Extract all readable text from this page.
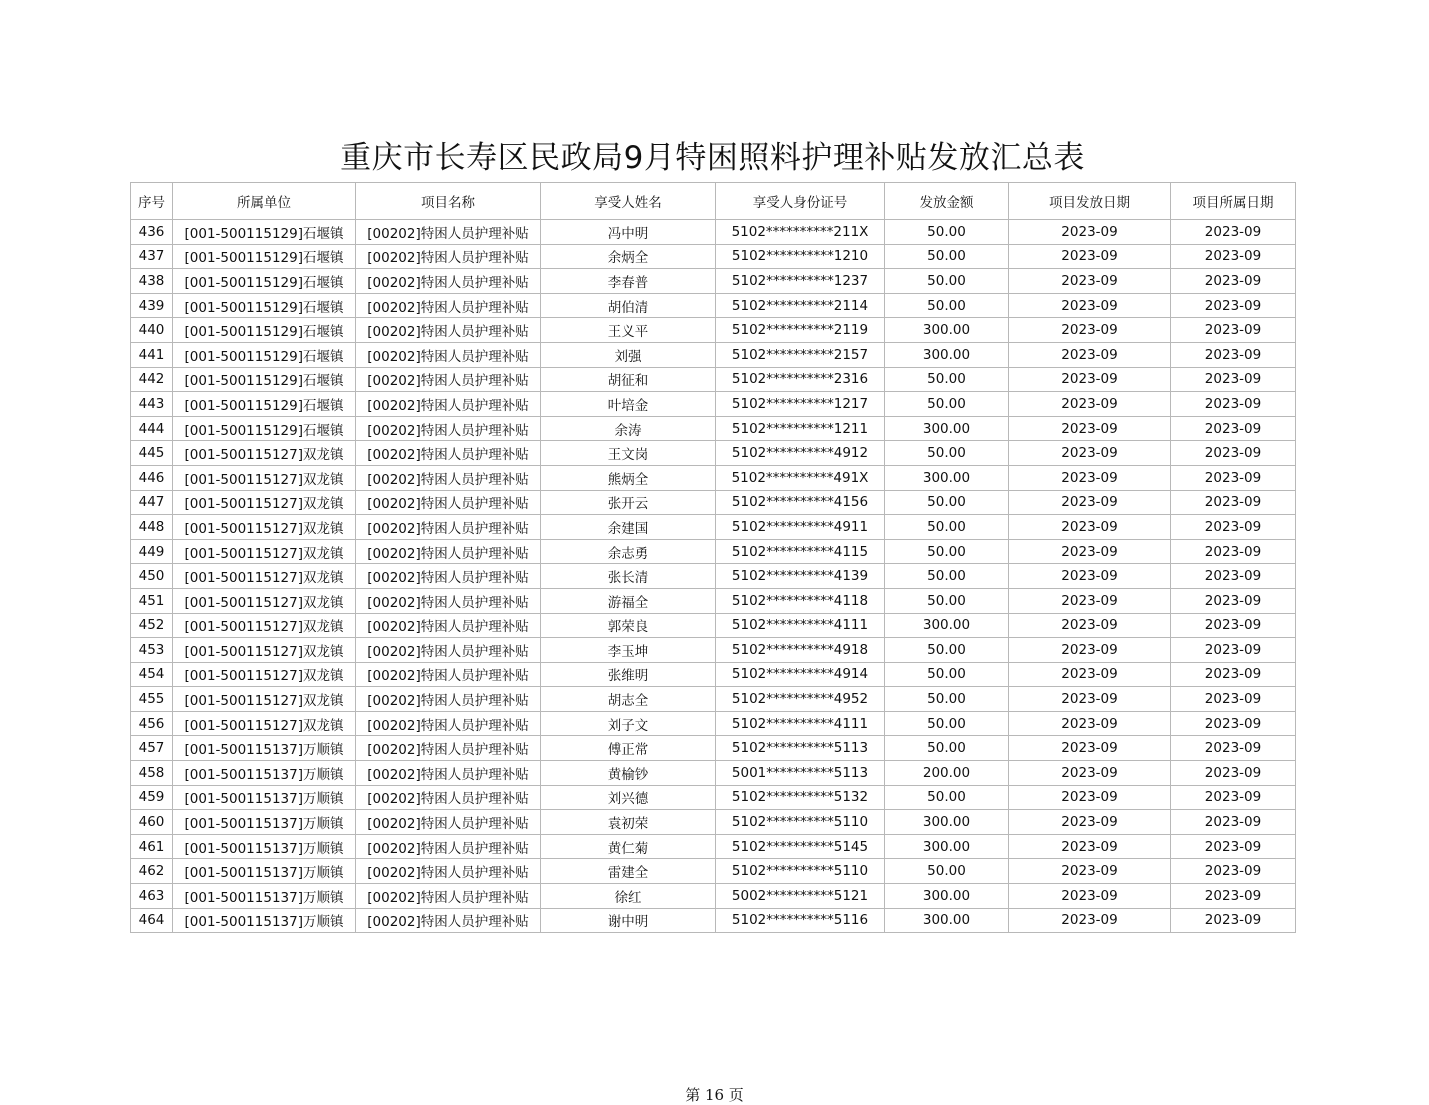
重庆市长寿区民政局9月特困照料护理补贴发放汇总表
序号	所属单位	项目名称	享受人姓名	享受人身份证号	发放金额	项目发放日期	项目所属日期
436	[001-500115129]石堰镇	[00202]特困人员护理补贴	冯中明	5102**********211X	50.00	2023-09	2023-09
437	[001-500115129]石堰镇	[00202]特困人员护理补贴	余炳全	5102**********1210	50.00	2023-09	2023-09
438	[001-500115129]石堰镇	[00202]特困人员护理补贴	李春普	5102**********1237	50.00	2023-09	2023-09
439	[001-500115129]石堰镇	[00202]特困人员护理补贴	胡伯清	5102**********2114	50.00	2023-09	2023-09
440	[001-500115129]石堰镇	[00202]特困人员护理补贴	王义平	5102**********2119	300.00	2023-09	2023-09
441	[001-500115129]石堰镇	[00202]特困人员护理补贴	刘强	5102**********2157	300.00	2023-09	2023-09
442	[001-500115129]石堰镇	[00202]特困人员护理补贴	胡征和	5102**********2316	50.00	2023-09	2023-09
443	[001-500115129]石堰镇	[00202]特困人员护理补贴	叶培金	5102**********1217	50.00	2023-09	2023-09
444	[001-500115129]石堰镇	[00202]特困人员护理补贴	余涛	5102**********1211	300.00	2023-09	2023-09
445	[001-500115127]双龙镇	[00202]特困人员护理补贴	王文岗	5102**********4912	50.00	2023-09	2023-09
446	[001-500115127]双龙镇	[00202]特困人员护理补贴	熊炳全	5102**********491X	300.00	2023-09	2023-09
447	[001-500115127]双龙镇	[00202]特困人员护理补贴	张开云	5102**********4156	50.00	2023-09	2023-09
448	[001-500115127]双龙镇	[00202]特困人员护理补贴	余建国	5102**********4911	50.00	2023-09	2023-09
449	[001-500115127]双龙镇	[00202]特困人员护理补贴	余志勇	5102**********4115	50.00	2023-09	2023-09
450	[001-500115127]双龙镇	[00202]特困人员护理补贴	张长清	5102**********4139	50.00	2023-09	2023-09
451	[001-500115127]双龙镇	[00202]特困人员护理补贴	游福全	5102**********4118	50.00	2023-09	2023-09
452	[001-500115127]双龙镇	[00202]特困人员护理补贴	郭荣良	5102**********4111	300.00	2023-09	2023-09
453	[001-500115127]双龙镇	[00202]特困人员护理补贴	李玉坤	5102**********4918	50.00	2023-09	2023-09
454	[001-500115127]双龙镇	[00202]特困人员护理补贴	张维明	5102**********4914	50.00	2023-09	2023-09
455	[001-500115127]双龙镇	[00202]特困人员护理补贴	胡志全	5102**********4952	50.00	2023-09	2023-09
456	[001-500115127]双龙镇	[00202]特困人员护理补贴	刘子文	5102**********4111	50.00	2023-09	2023-09
457	[001-500115137]万顺镇	[00202]特困人员护理补贴	傅正常	5102**********5113	50.00	2023-09	2023-09
458	[001-500115137]万顺镇	[00202]特困人员护理补贴	黄榆钞	5001**********5113	200.00	2023-09	2023-09
459	[001-500115137]万顺镇	[00202]特困人员护理补贴	刘兴德	5102**********5132	50.00	2023-09	2023-09
460	[001-500115137]万顺镇	[00202]特困人员护理补贴	袁初荣	5102**********5110	300.00	2023-09	2023-09
461	[001-500115137]万顺镇	[00202]特困人员护理补贴	黄仁菊	5102**********5145	300.00	2023-09	2023-09
462	[001-500115137]万顺镇	[00202]特困人员护理补贴	雷建全	5102**********5110	50.00	2023-09	2023-09
463	[001-500115137]万顺镇	[00202]特困人员护理补贴	徐红	5002**********5121	300.00	2023-09	2023-09
464	[001-500115137]万顺镇	[00202]特困人员护理补贴	谢中明	5102**********5116	300.00	2023-09	2023-09
第 16 页
